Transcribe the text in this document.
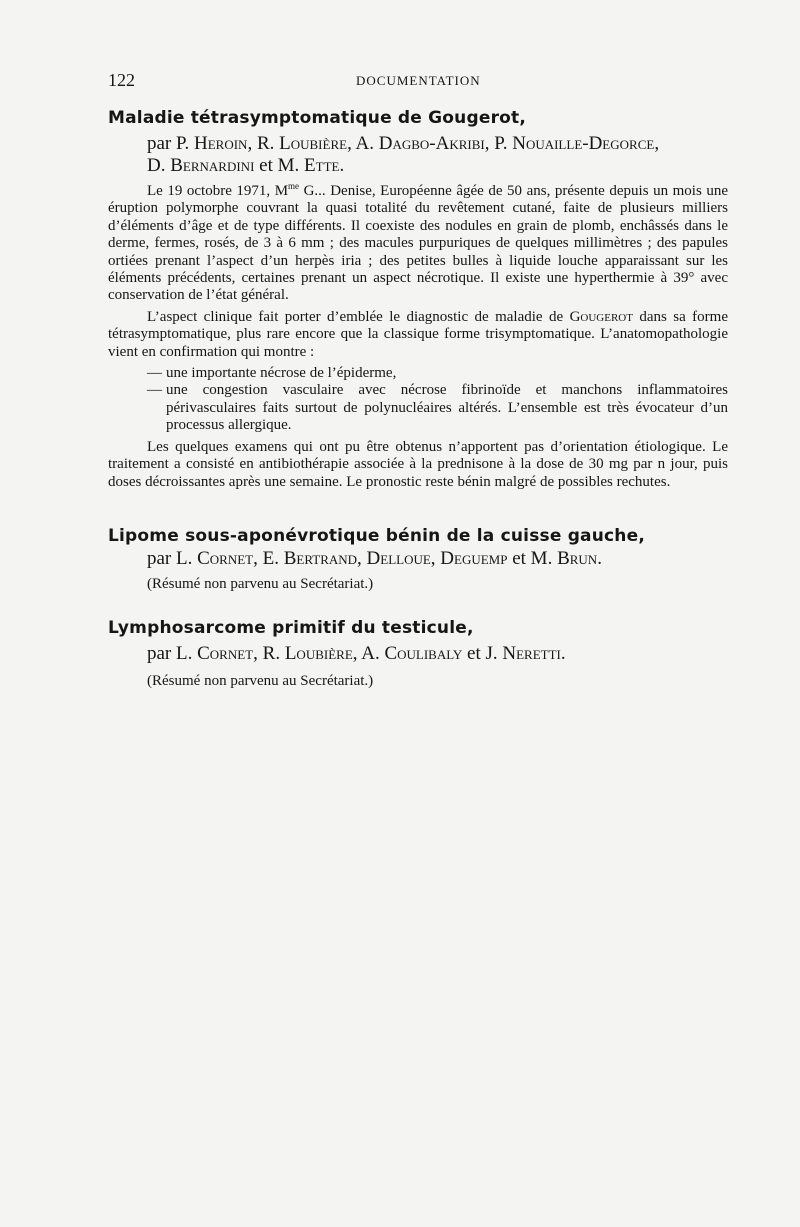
122	DOCUMENTATION
Maladie tétrasymptomatique de Gougerot,
par P. Heroin, R. Loubière, A. Dagbo-Akribi, P. Nouaille-Degorce,
D. Bernardini et M. Ette.

Le 19 octobre 1971, $M^{me}$ G... Denise, Européenne âgée de 50 ans, présente depuis un mois une éruption polymorphe couvrant la quasi totalité du revêtement cutané, faite de plusieurs milliers d’éléments d’âge et de type différents. Il coexiste des nodules en grain de plomb, enchâssés dans le derme, fermes, rosés, de 3 à 6 mm ; des macules purpuriques de quelques millimètres ; des papules ortiées prenant l’aspect d’un herpès iria ; des petites bulles à liquide louche apparaissant sur les éléments précédents, certaines prenant un aspect nécrotique. Il existe une hyperthermie à 39° avec conservation de l’état général.

L’aspect clinique fait porter d’emblée le diagnostic de maladie de Gougerot dans sa forme tétrasymptomatique, plus rare encore que la classique forme trisymptomatique. L’anatomopathologie vient en confirmation qui montre :

— une importante nécrose de l’épiderme,
— une congestion vasculaire avec nécrose fibrinoïde et manchons inflammatoires périvasculaires faits surtout de polynucléaires altérés. L’ensemble est très évocateur d’un processus allergique.

Les quelques examens qui ont pu être obtenus n’apportent pas d’orientation étiologique. Le traitement a consisté en antibiothérapie associée à la prednisone à la dose de 30 mg par n jour, puis doses décroissantes après une semaine. Le pronostic reste bénin malgré de possibles rechutes.

Lipome sous-aponévrotique bénin de la cuisse gauche,
par L. Cornet, E. Bertrand, Delloue, Deguemp et M. Brun.
(Résumé non parvenu au Secrétariat.)
Lymphosarcome primitif du testicule,
par L. Cornet, R. Loubière, A. Coulibaly et J. Neretti.
(Résumé non parvenu au Secrétariat.)
